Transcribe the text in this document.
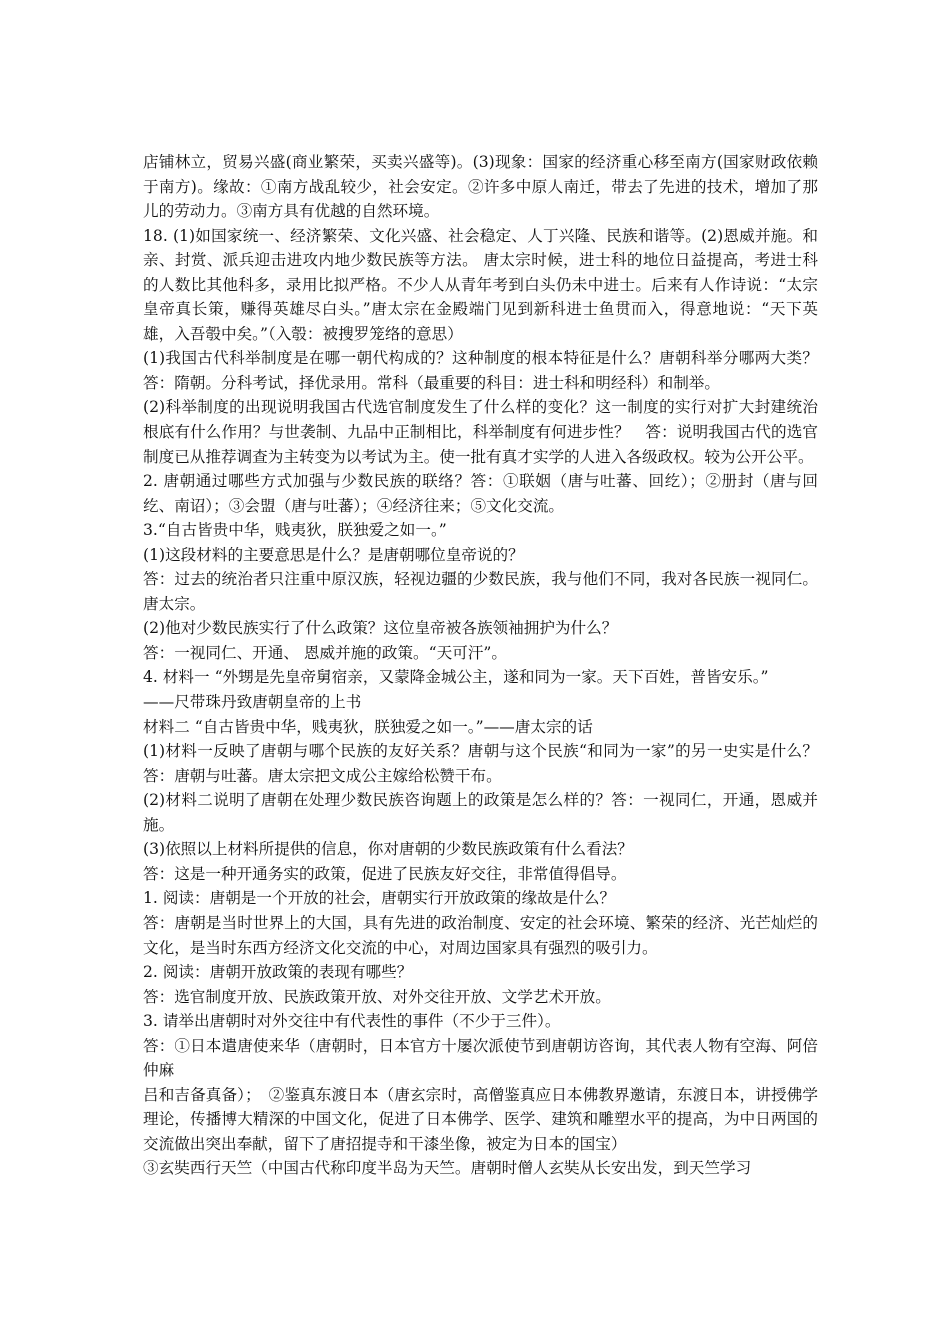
店铺林立，贸易兴盛(商业繁荣，买卖兴盛等)。(3)现象：国家的经济重心移至南方(国家财政依赖于南方)。缘故：①南方战乱较少，社会安定。②许多中原人南迁，带去了先进的技术，增加了那儿的劳动力。③南方具有优越的自然环境。

18. (1)如国家统一、经济繁荣、文化兴盛、社会稳定、人丁兴隆、民族和谐等。(2)恩威并施。和亲、封赏、派兵迎击进攻内地少数民族等方法。 唐太宗时候，进士科的地位日益提高，考进士科的人数比其他科多，录用比拟严格。不少人从青年考到白头仍未中进士。后来有人作诗说：“太宗皇帝真长策，赚得英雄尽白头。”唐太宗在金殿端门见到新科进士鱼贯而入，得意地说：“天下英雄，入吾彀中矣。”（入彀：被搜罗笼络的意思）

(1)我国古代科举制度是在哪一朝代构成的？这种制度的根本特征是什么？唐朝科举分哪两大类？　答：隋朝。分科考试，择优录用。常科（最重要的科目：进士科和明经科）和制举。

(2)科举制度的出现说明我国古代选官制度发生了什么样的变化？这一制度的实行对扩大封建统治根底有什么作用？与世袭制、九品中正制相比，科举制度有何进步性？　答：说明我国古代的选官制度已从推荐调查为主转变为以考试为主。使一批有真才实学的人进入各级政权。较为公开公平。

2. 唐朝通过哪些方式加强与少数民族的联络？答：①联姻（唐与吐蕃、回纥）；②册封（唐与回纥、南诏）；③会盟（唐与吐蕃）；④经济往来；⑤文化交流。

3.“自古皆贵中华，贱夷狄，朕独爱之如一。”

(1)这段材料的主要意思是什么？是唐朝哪位皇帝说的？

答：过去的统治者只注重中原汉族，轻视边疆的少数民族，我与他们不同，我对各民族一视同仁。唐太宗。

(2)他对少数民族实行了什么政策？这位皇帝被各族领袖拥护为什么？

答：一视同仁、开通、 恩威并施的政策。“天可汗”。

4. 材料一 “外甥是先皇帝舅宿亲，又蒙降金城公主，遂和同为一家。天下百姓，普皆安乐。”

——尺带珠丹致唐朝皇帝的上书

材料二 “自古皆贵中华，贱夷狄，朕独爱之如一。”——唐太宗的话

(1)材料一反映了唐朝与哪个民族的友好关系？唐朝与这个民族“和同为一家”的另一史实是什么？　答：唐朝与吐蕃。唐太宗把文成公主嫁给松赞干布。

(2)材料二说明了唐朝在处理少数民族咨询题上的政策是怎么样的？答：一视同仁，开通，恩威并施。

(3)依照以上材料所提供的信息，你对唐朝的少数民族政策有什么看法？

答：这是一种开通务实的政策，促进了民族友好交往，非常值得倡导。

1. 阅读：唐朝是一个开放的社会，唐朝实行开放政策的缘故是什么？

答：唐朝是当时世界上的大国，具有先进的政治制度、安定的社会环境、繁荣的经济、光芒灿烂的文化，是当时东西方经济文化交流的中心，对周边国家具有强烈的吸引力。

2. 阅读：唐朝开放政策的表现有哪些？

答：选官制度开放、民族政策开放、对外交往开放、文学艺术开放。

3. 请举出唐朝时对外交往中有代表性的事件（不少于三件）。

答：①日本遣唐使来华（唐朝时，日本官方十屡次派使节到唐朝访咨询，其代表人物有空海、阿倍仲麻

吕和吉备真备）；　②鉴真东渡日本（唐玄宗时，高僧鉴真应日本佛教界邀请，东渡日本，讲授佛学理论，传播博大精深的中国文化，促进了日本佛学、医学、建筑和雕塑水平的提高，为中日两国的交流做出突出奉献，留下了唐招提寺和干漆坐像，被定为日本的国宝）

③玄奘西行天竺（中国古代称印度半岛为天竺。唐朝时僧人玄奘从长安出发，到天竺学习
